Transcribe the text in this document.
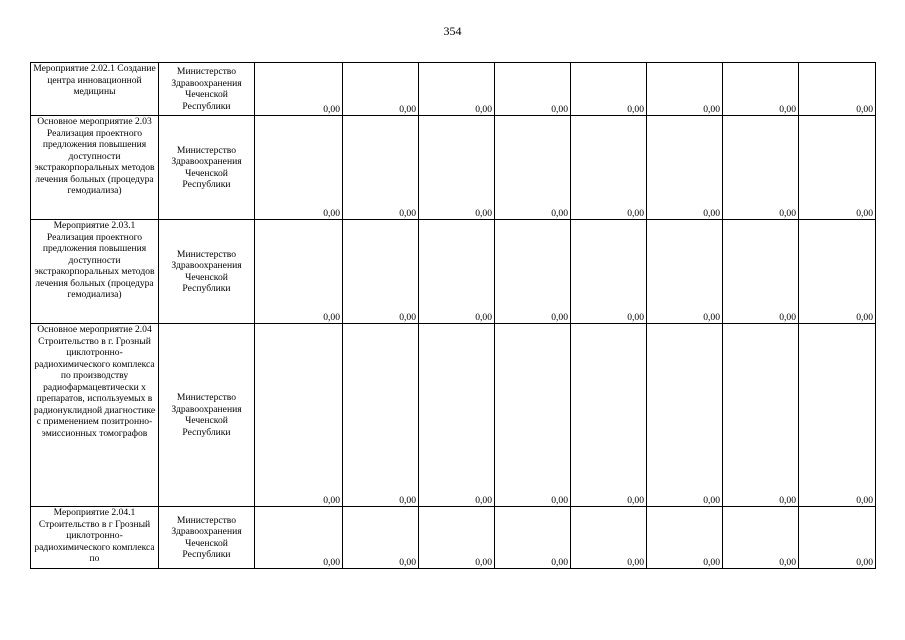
354
Мероприятие 2.02.1 Создание центра инновационной медицины	Министерство Здравоохранения Чеченской Республики	0,00	0,00	0,00	0,00	0,00	0,00	0,00	0,00
Основное мероприятие 2.03 Реализация проектного предложения повышения доступности экстракорпоральных методов лечения больных (процедура гемодиализа)	Министерство Здравоохранения Чеченской Республики	0,00	0,00	0,00	0,00	0,00	0,00	0,00	0,00
Мероприятие 2.03.1 Реализация проектного предложения повышения доступности экстракорпоральных методов лечения больных (процедура гемодиализа)	Министерство Здравоохранения Чеченской Республики	0,00	0,00	0,00	0,00	0,00	0,00	0,00	0,00
Основное мероприятие 2.04 Строительство в г. Грозный циклотронно-радиохимического комплекса по производству радиофармацевтически х препаратов, используемых в радионуклидной диагностике с применением позитронно-эмиссионных томографов	Министерство Здравоохранения Чеченской Республики	0,00	0,00	0,00	0,00	0,00	0,00	0,00	0,00
Мероприятие 2.04.1 Строительство в г Грозный циклотронно-радиохимического комплекса по	Министерство Здравоохранения Чеченской Республики	0,00	0,00	0,00	0,00	0,00	0,00	0,00	0,00
